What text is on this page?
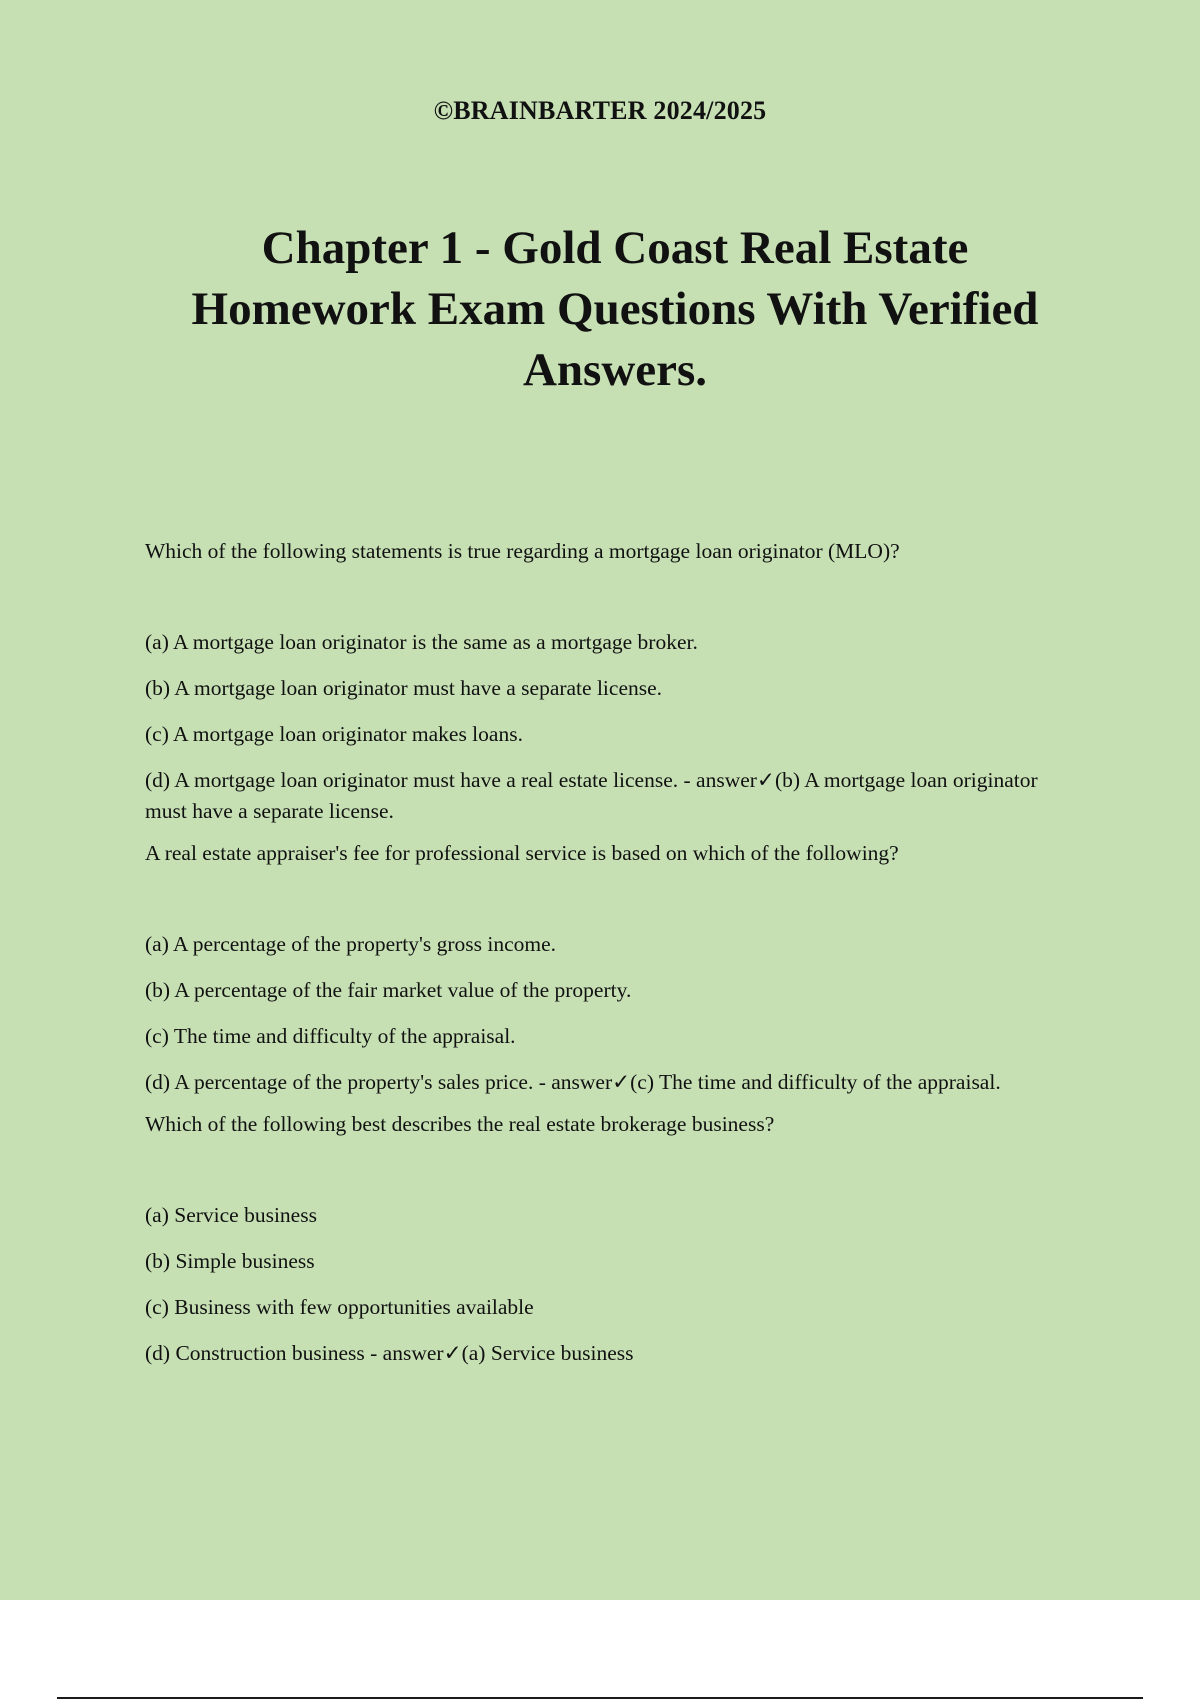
©BRAINBARTER 2024/2025
Chapter 1 - Gold Coast Real Estate Homework Exam Questions With Verified Answers.

Which of the following statements is true regarding a mortgage loan originator (MLO)?

(a) A mortgage loan originator is the same as a mortgage broker.
(b) A mortgage loan originator must have a separate license.
(c) A mortgage loan originator makes loans.
(d) A mortgage loan originator must have a real estate license. - answer✓(b) A mortgage loan originator must have a separate license.

A real estate appraiser's fee for professional service is based on which of the following?

(a) A percentage of the property's gross income.
(b) A percentage of the fair market value of the property.
(c) The time and difficulty of the appraisal.
(d) A percentage of the property's sales price. - answer✓(c) The time and difficulty of the appraisal.

Which of the following best describes the real estate brokerage business?

(a) Service business
(b) Simple business
(c) Business with few opportunities available
(d) Construction business - answer✓(a) Service business
